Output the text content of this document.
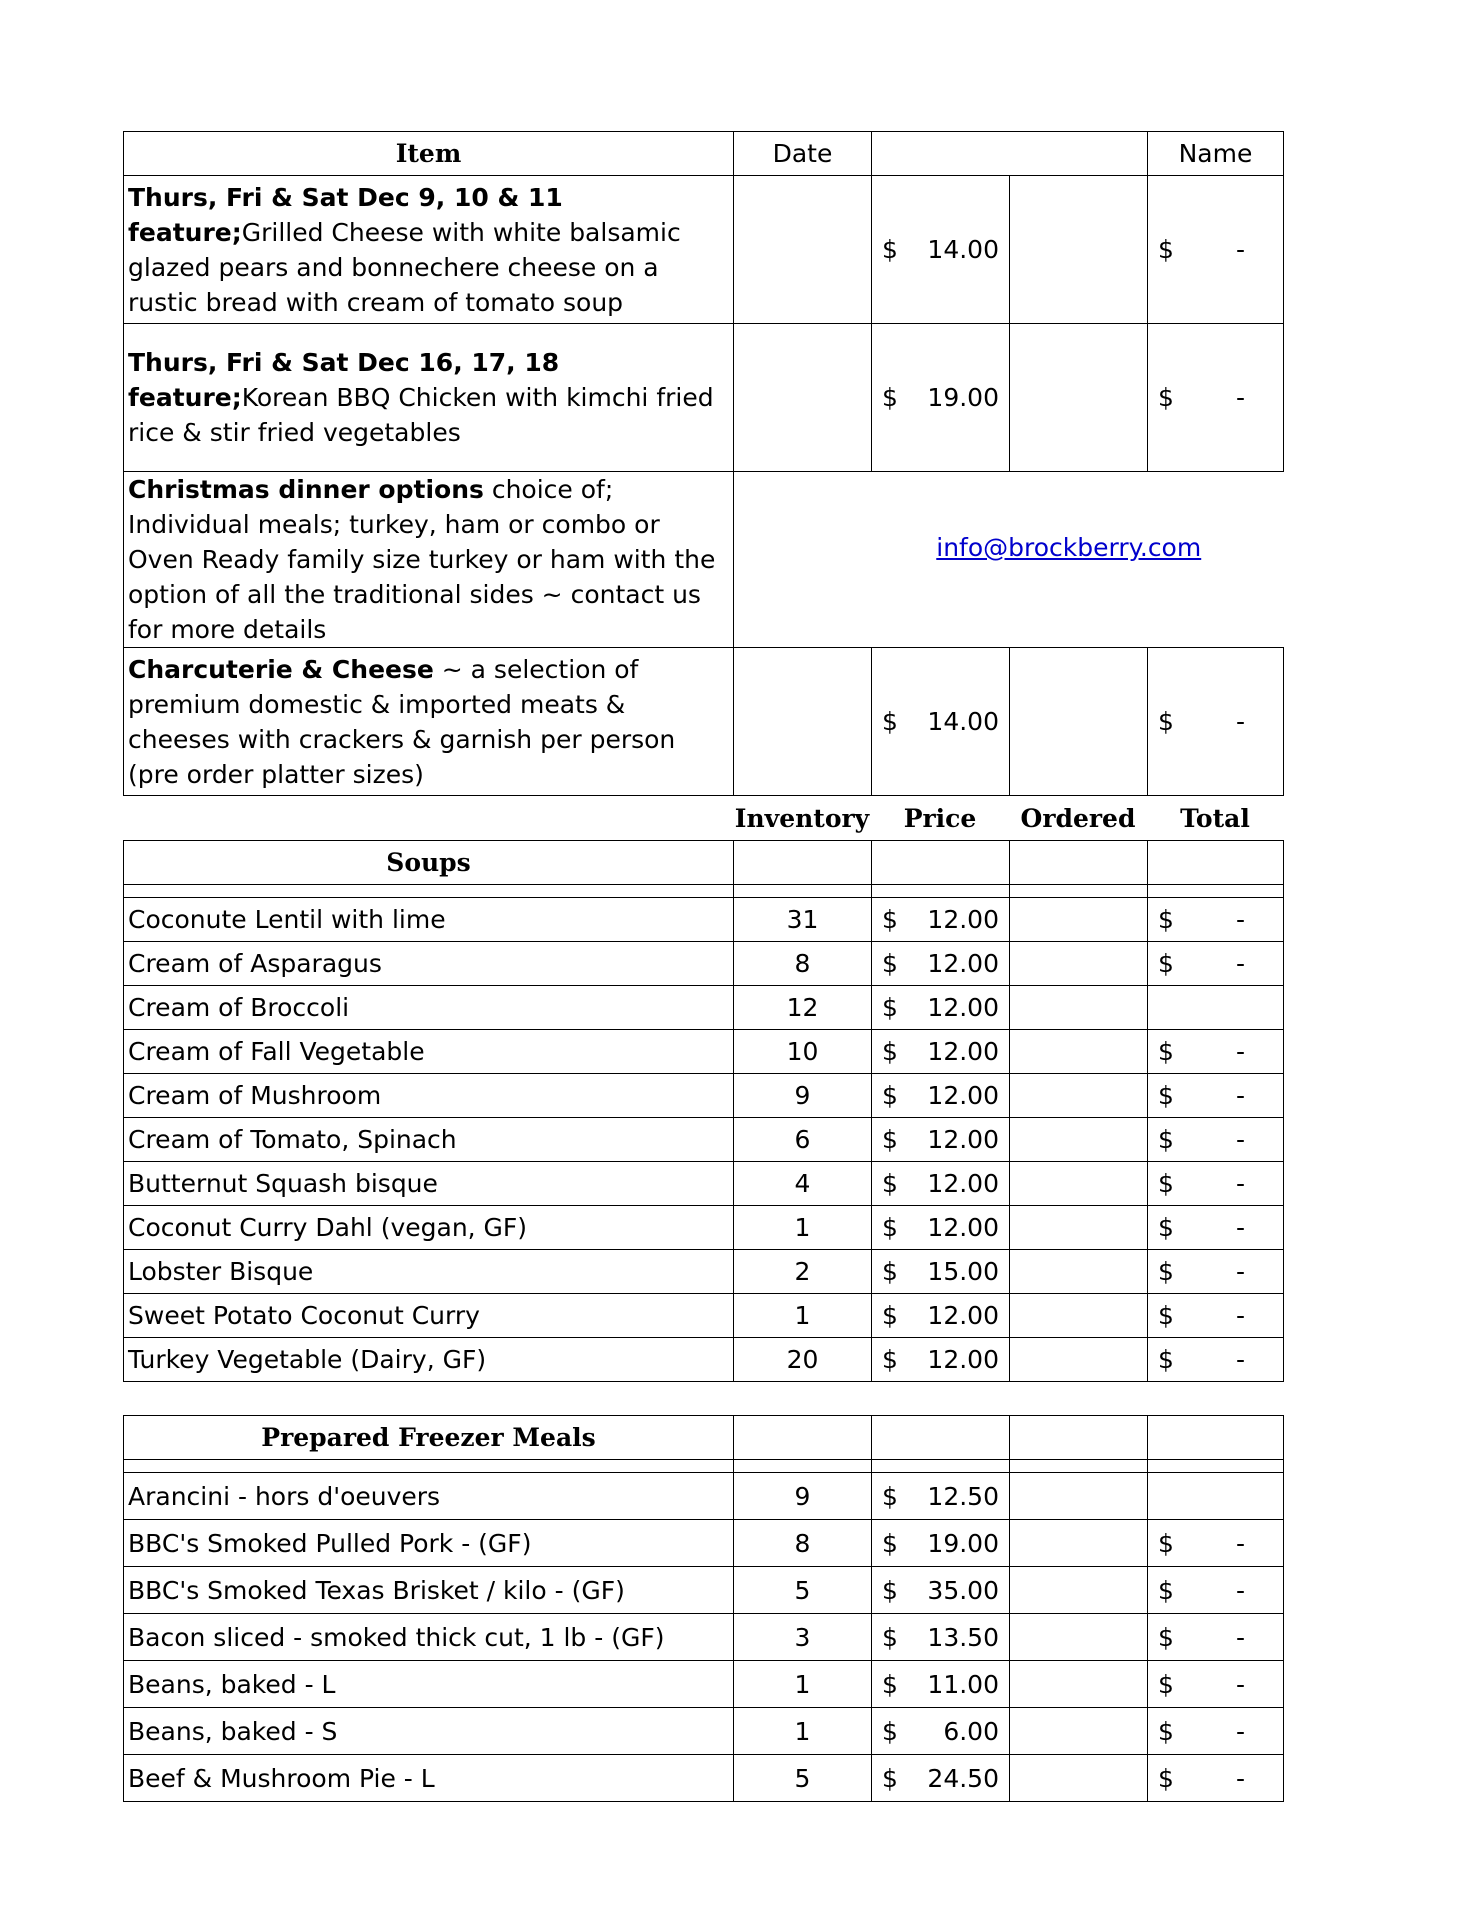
Item	Date			Name
Thurs, Fri & Sat Dec 9, 10 & 11 feature;Grilled Cheese with white balsamic glazed pears and bonnechere cheese on a rustic bread with cream of tomato soup		$ 14.00		$ -

Thurs, Fri & Sat Dec 16, 17, 18 feature;Korean BBQ Chicken with kimchi fried rice & stir fried vegetables		$ 19.00		$ -

Christmas dinner options choice of; Individual meals; turkey, ham or combo or Oven Ready family size turkey or ham with the option of all the traditional sides ~ contact us for more details	info@brockberry.com			
Charcuterie & Cheese ~ a selection of premium domestic & imported meats & cheeses with crackers & garnish per person (pre order platter sizes)		$ 14.00		$ -
	Inventory	Price	Ordered	Total
Soups				

Coconute Lentil with lime	31	$ 12.00		$ -

Cream of Asparagus	8	$ 12.00		$ -

Cream of Broccoli	12	$ 12.00		

Cream of Fall Vegetable	10	$ 12.00		$ -

Cream of Mushroom	9	$ 12.00		$ -

Cream of Tomato, Spinach	6	$ 12.00		$ -

Butternut Squash bisque	4	$ 12.00		$ -

Coconut Curry Dahl (vegan, GF)	1	$ 12.00		$ -

Lobster Bisque	2	$ 15.00		$ -

Sweet Potato Coconut Curry	1	$ 12.00		$ -

Turkey Vegetable (Dairy, GF)	20	$ 12.00		$ -
Prepared Freezer Meals				

Arancini - hors d'oeuvers	9	$ 12.50		

BBC's Smoked Pulled Pork - (GF)	8	$ 19.00		$ -

BBC's Smoked Texas Brisket / kilo - (GF)	5	$ 35.00		$ -

Bacon sliced - smoked thick cut, 1 lb - (GF)	3	$ 13.50		$ -

Beans, baked - L	1	$ 11.00		$ -

Beans, baked - S	1	$ 6.00		$ -

Beef & Mushroom Pie - L	5	$ 24.50		$ -
